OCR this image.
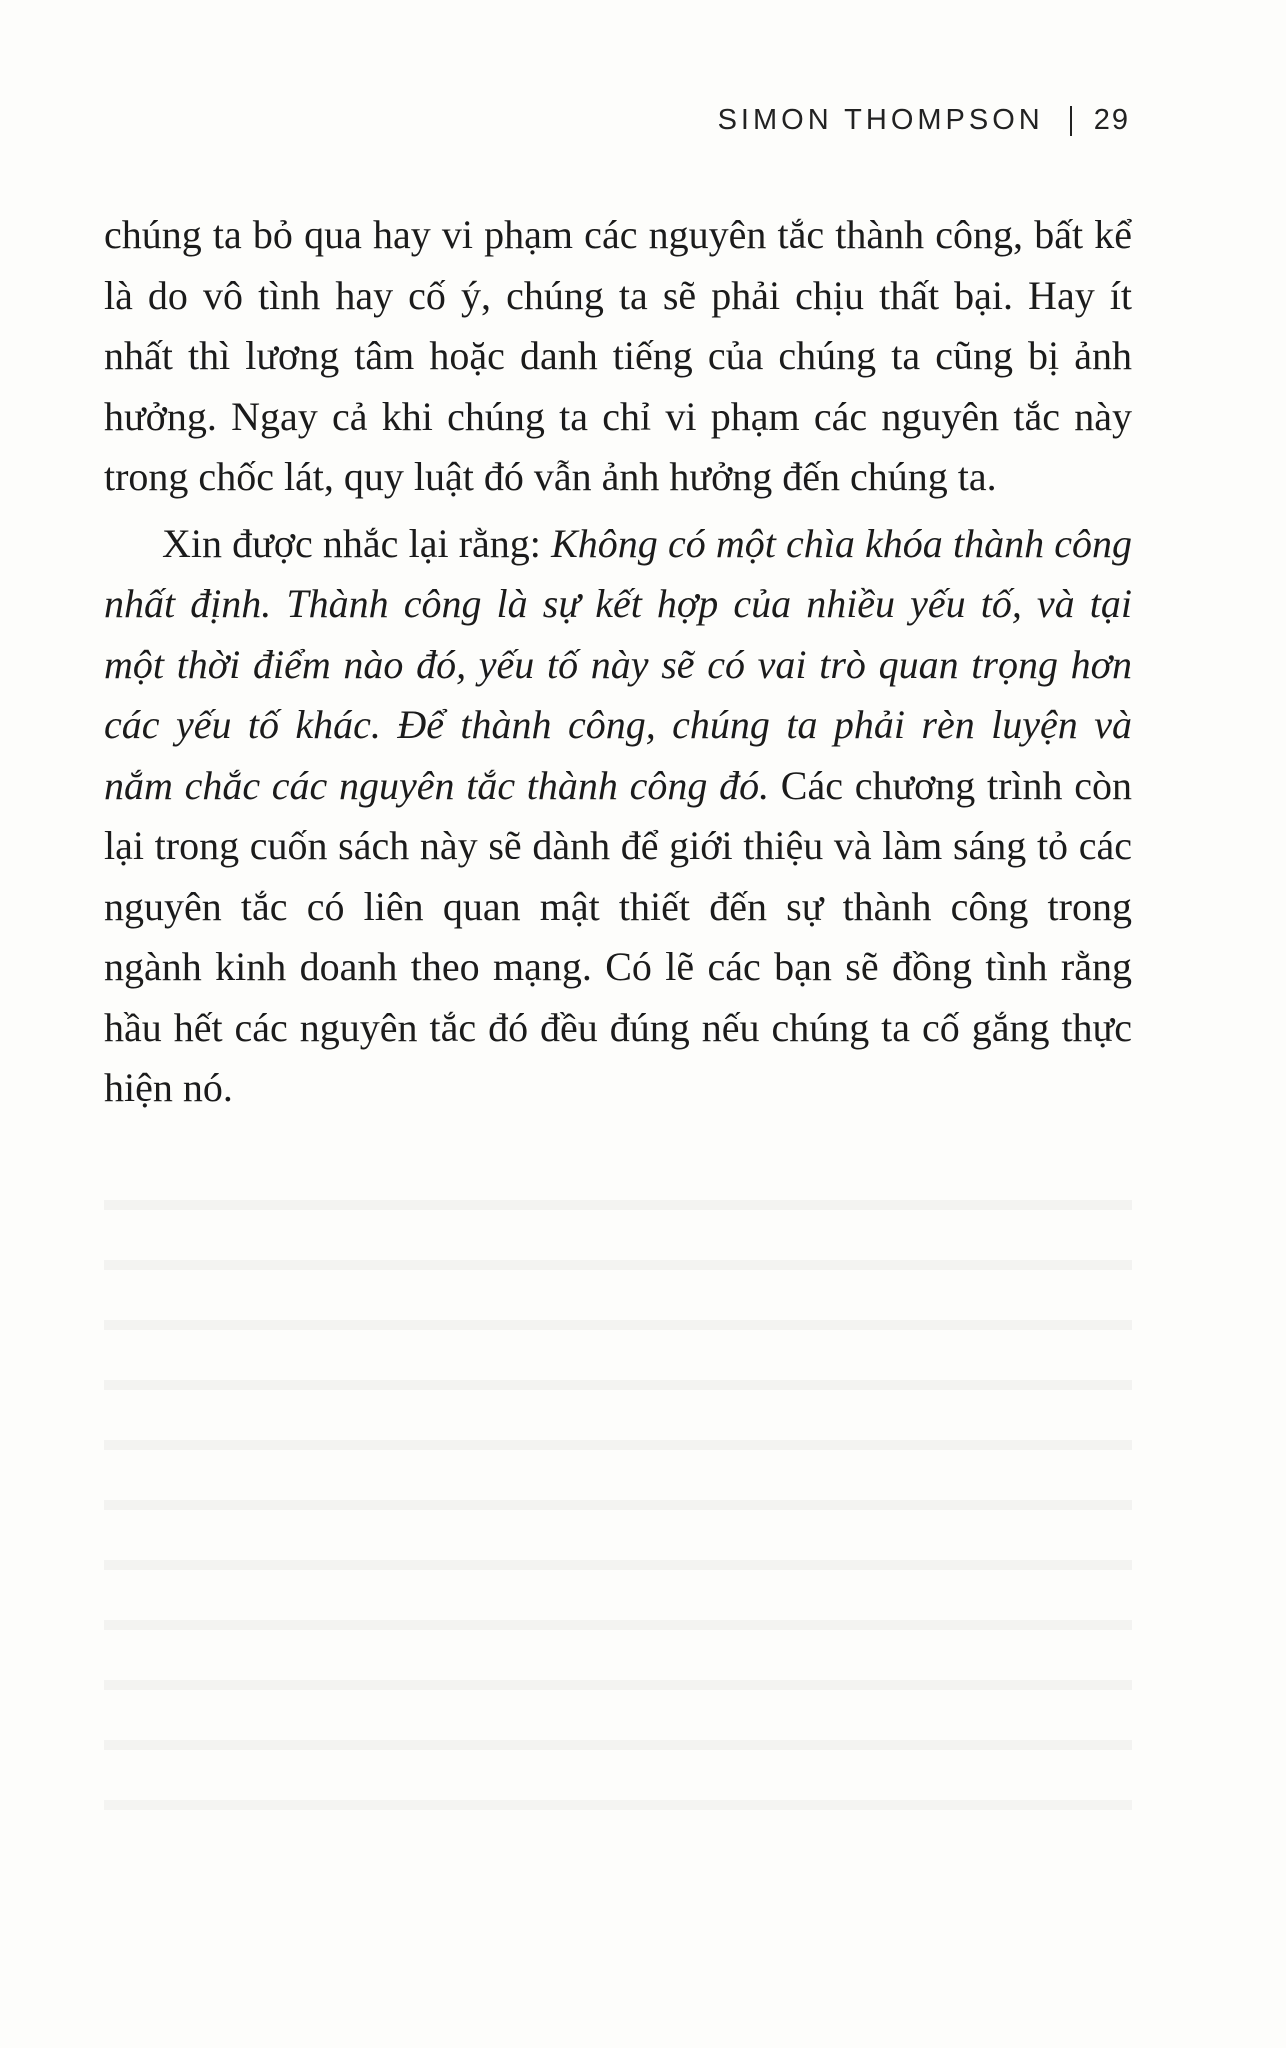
SIMON THOMPSON 29

chúng ta bỏ qua hay vi phạm các nguyên tắc thành công, bất kể là do vô tình hay cố ý, chúng ta sẽ phải chịu thất bại. Hay ít nhất thì lương tâm hoặc danh tiếng của chúng ta cũng bị ảnh hưởng. Ngay cả khi chúng ta chỉ vi phạm các nguyên tắc này trong chốc lát, quy luật đó vẫn ảnh hưởng đến chúng ta.

Xin được nhắc lại rằng: Không có một chìa khóa thành công nhất định. Thành công là sự kết hợp của nhiều yếu tố, và tại một thời điểm nào đó, yếu tố này sẽ có vai trò quan trọng hơn các yếu tố khác. Để thành công, chúng ta phải rèn luyện và nắm chắc các nguyên tắc thành công đó. Các chương trình còn lại trong cuốn sách này sẽ dành để giới thiệu và làm sáng tỏ các nguyên tắc có liên quan mật thiết đến sự thành công trong ngành kinh doanh theo mạng. Có lẽ các bạn sẽ đồng tình rằng hầu hết các nguyên tắc đó đều đúng nếu chúng ta cố gắng thực hiện nó.
